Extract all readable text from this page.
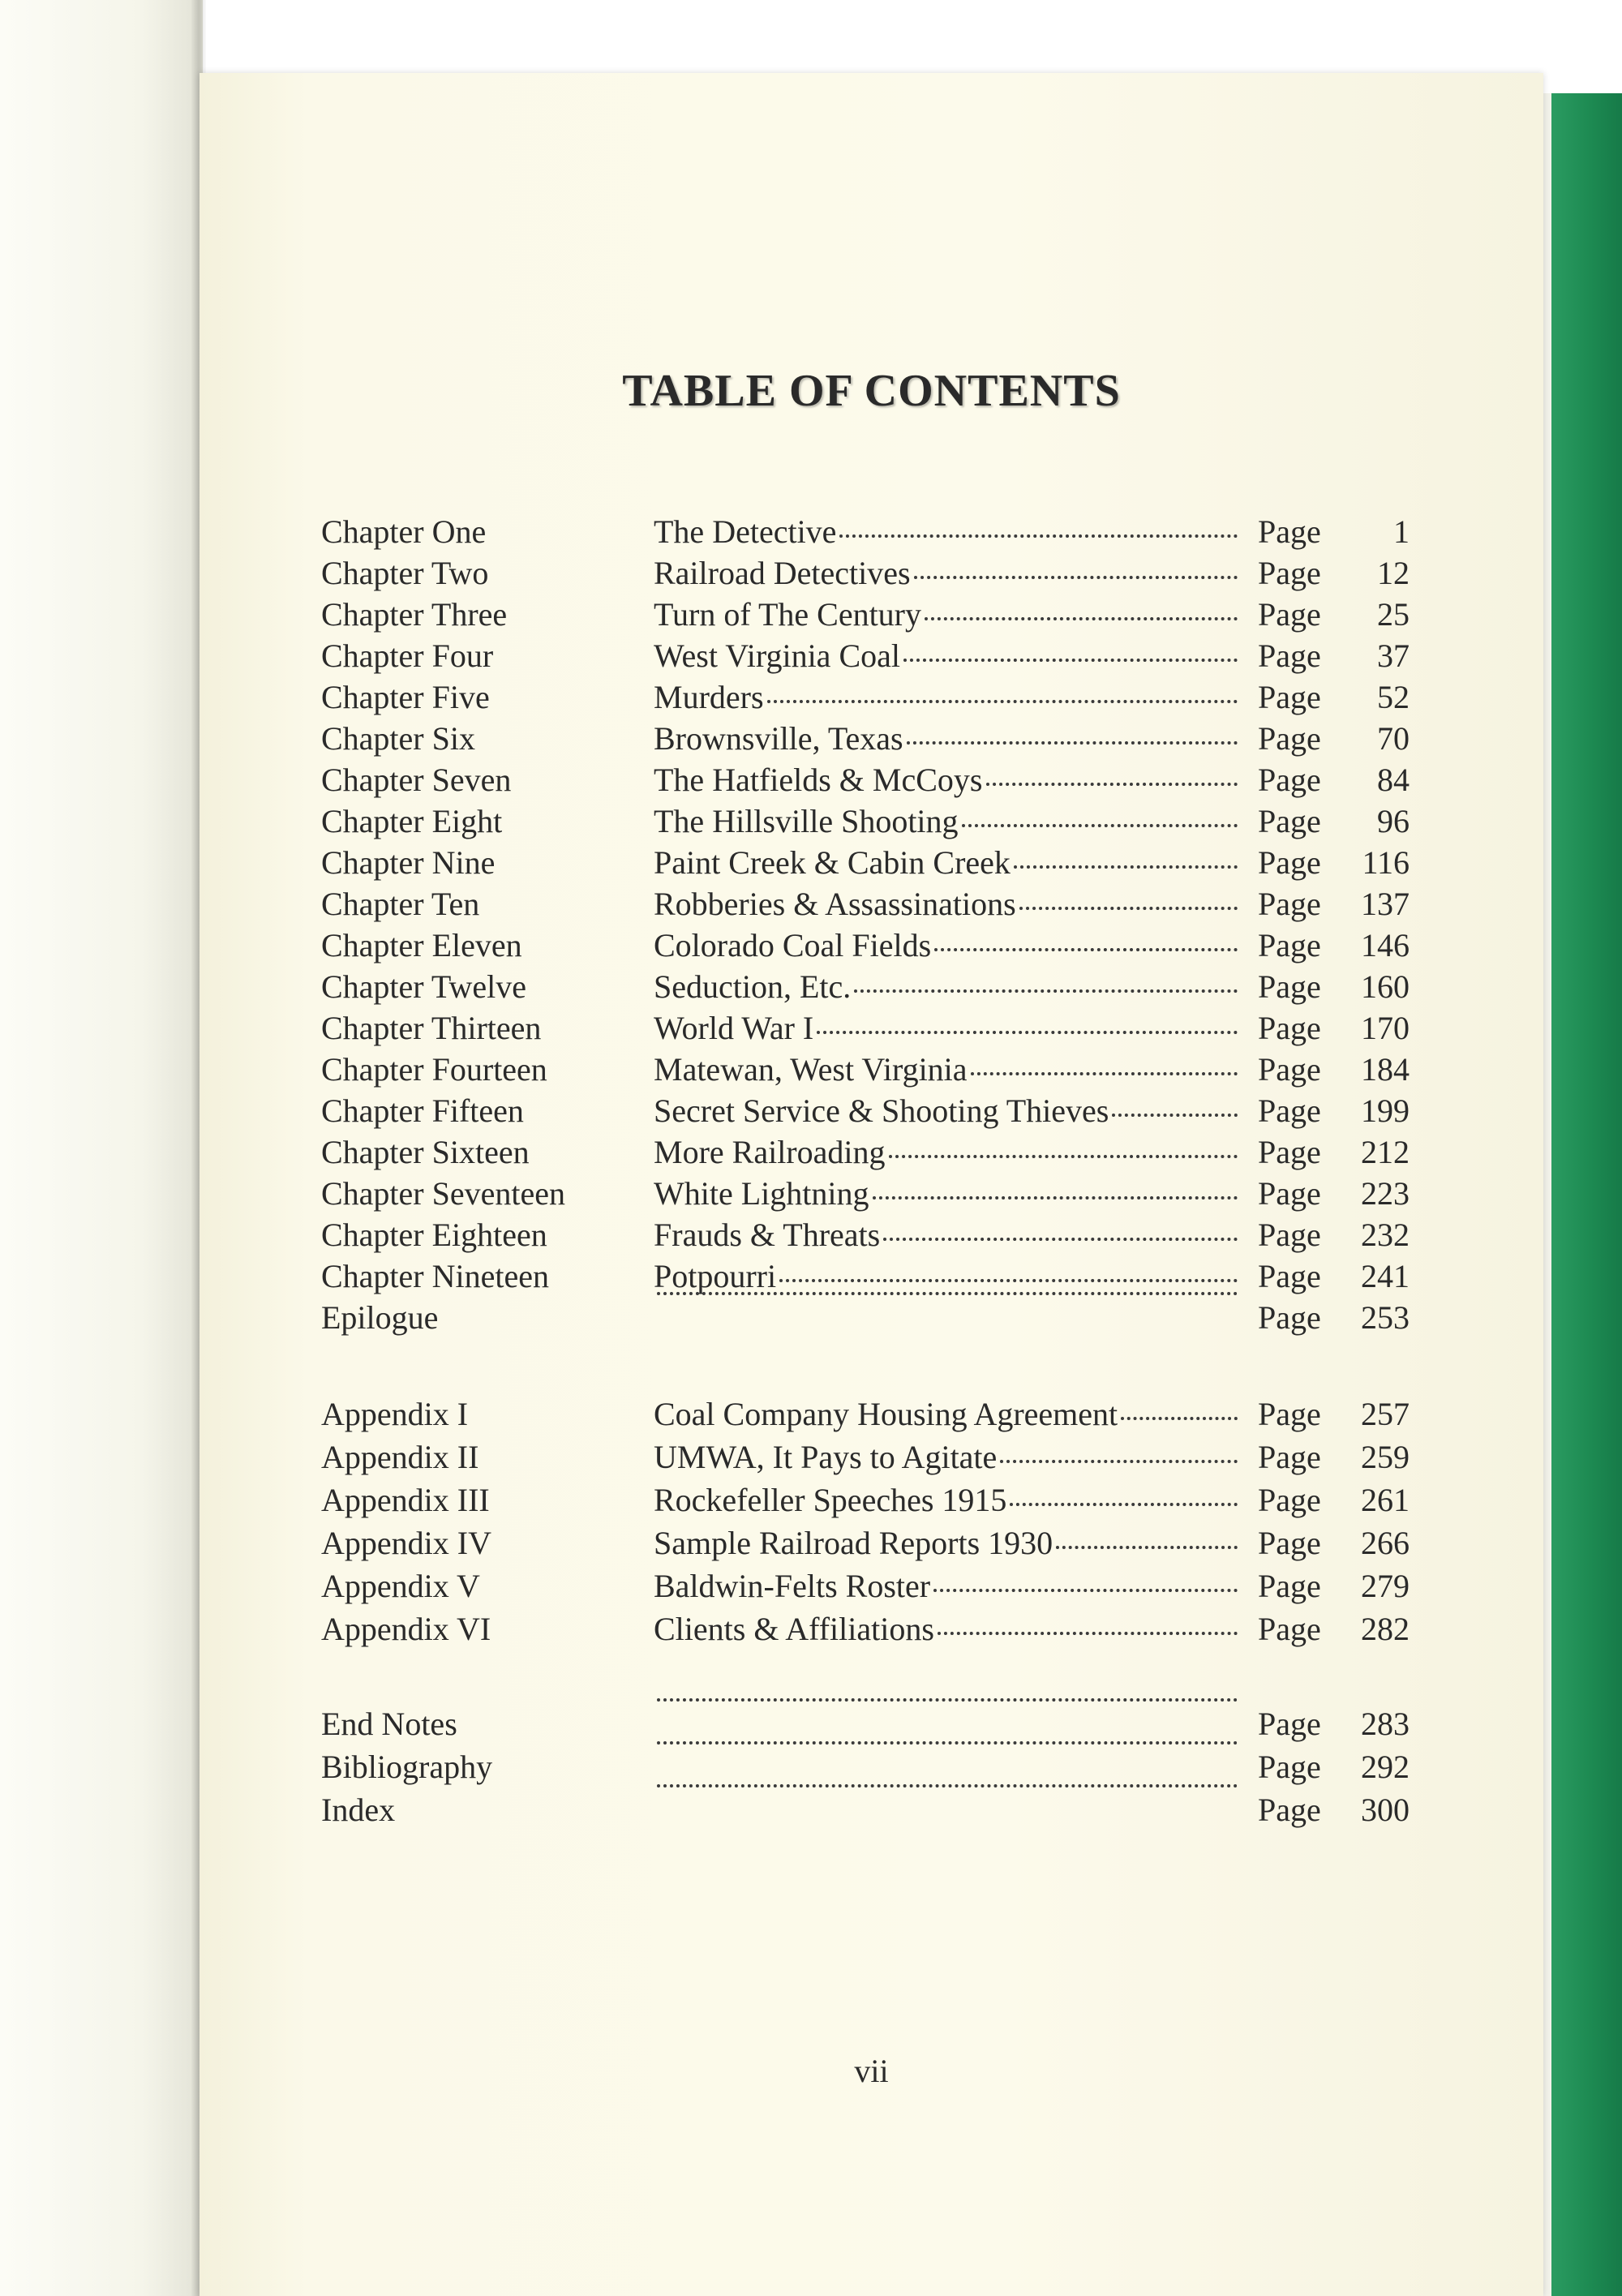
TABLE OF CONTENTS
Chapter One	The Detective	Page 1
Chapter Two	Railroad Detectives	Page 12
Chapter Three	Turn of The Century	Page 25
Chapter Four	West Virginia Coal	Page 37
Chapter Five	Murders	Page 52
Chapter Six	Brownsville, Texas	Page 70
Chapter Seven	The Hatfields & McCoys	Page 84
Chapter Eight	The Hillsville Shooting	Page 96
Chapter Nine	Paint Creek & Cabin Creek	Page 116
Chapter Ten	Robberies & Assassinations	Page 137
Chapter Eleven	Colorado Coal Fields	Page 146
Chapter Twelve	Seduction, Etc.	Page 160
Chapter Thirteen	World War I	Page 170
Chapter Fourteen	Matewan, West Virginia	Page 184
Chapter Fifteen	Secret Service & Shooting Thieves	Page 199
Chapter Sixteen	More Railroading	Page 212
Chapter Seventeen	White Lightning	Page 223
Chapter Eighteen	Frauds & Threats	Page 232
Chapter Nineteen	Potpourri	Page 241
Epilogue	Page 253
Appendix I	Coal Company Housing Agreement	Page 257
Appendix II	UMWA, It Pays to Agitate	Page 259
Appendix III	Rockefeller Speeches 1915	Page 261
Appendix IV	Sample Railroad Reports 1930	Page 266
Appendix V	Baldwin-Felts Roster	Page 279
Appendix VI	Clients & Affiliations	Page 282
End Notes	Page 283
Bibliography	Page 292
Index	Page 300
vii
